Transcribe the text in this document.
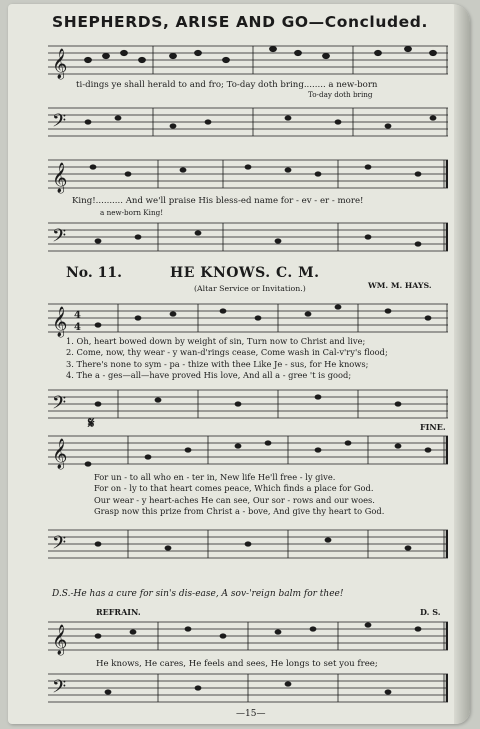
SHEPHERDS, ARISE AND GO—Concluded.
𝄞
To-day doth bring
ti-dings ye shall herald to and fro; To-day doth bring........ a new-born
𝄢
𝄞
King!.......... And we'll praise His bless-ed name for - ev - er - more!
a new-born King!
𝄢
No. 11.	HE KNOWS. C. M.
(Altar Service or Invitation.)	WM. M. HAYS.
𝄞 4
4
1. Oh, heart bowed down by weight of sin, Turn now to Christ and live;
2. Come, now, thy wear - y wan-d'rings cease, Come wash in Cal-v'ry's flood;
3. There's none to sym - pa - thize with thee Like Je - sus, for He knows;
4. The a - ges—all—have proved His love, And all a - gree 't is good;
𝄢
𝄋	FINE.
𝄞
For un - to all who en - ter in, New life He'll free - ly give.
For on - ly to that heart comes peace, Which finds a place for God.
Our wear - y heart-aches He can see, Our sor - rows and our woes.
Grasp now this prize from Christ a - bove, And give thy heart to God.
𝄢
D.S.-He has a cure for sin's dis-ease, A sov-'reign balm for thee!
REFRAIN.	D. S.
𝄞
He knows, He cares, He feels and sees, He longs to set you free;
𝄢
—15—
